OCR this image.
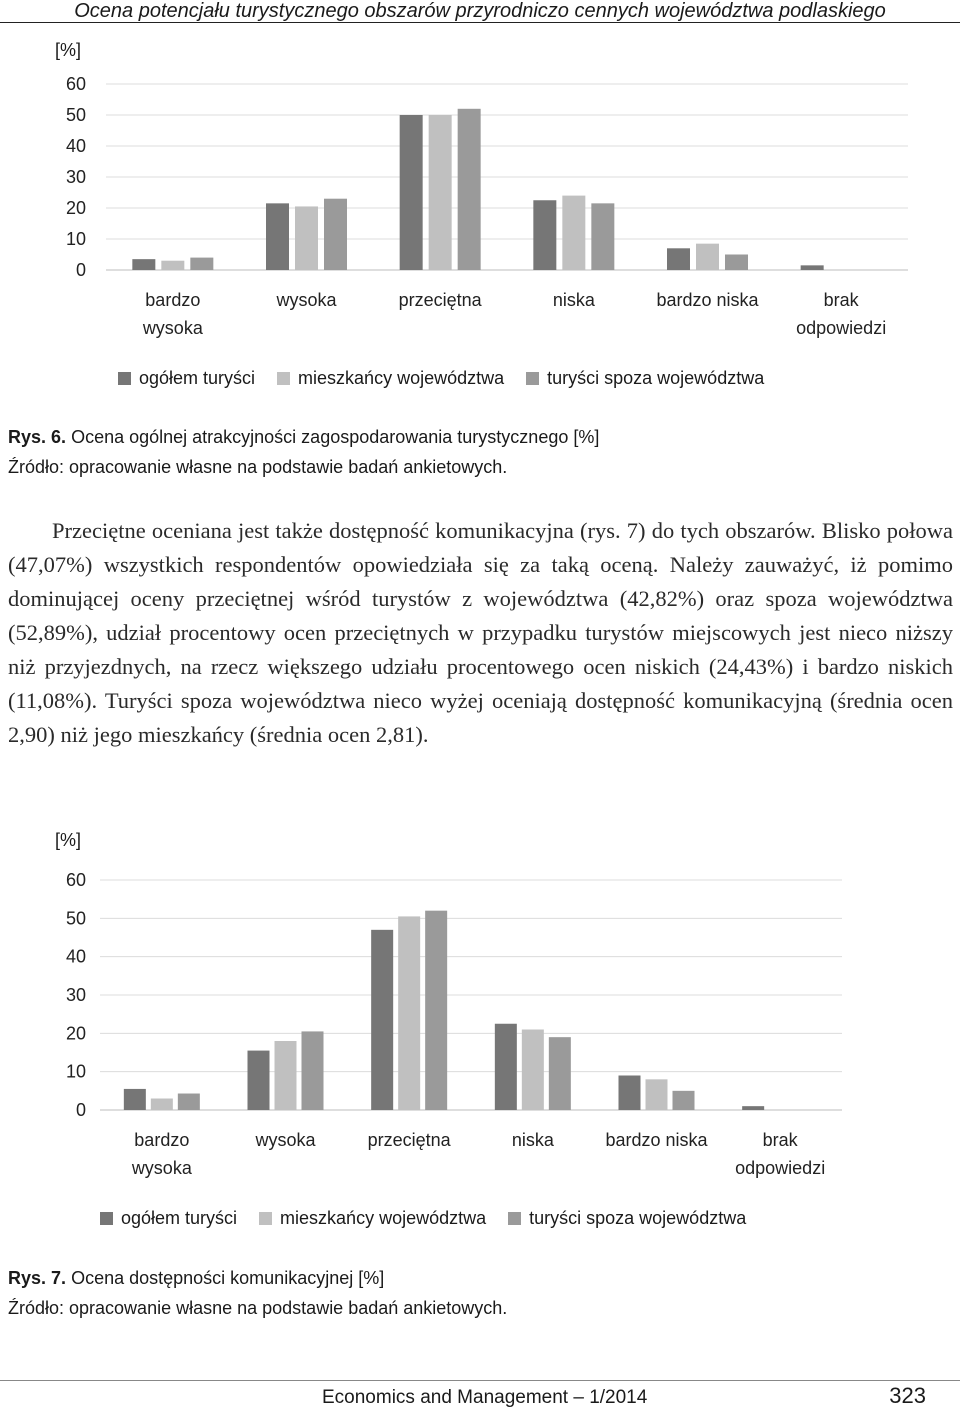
Ocena potencjału turystycznego obszarów przyrodniczo cennych województwa podlaskiego
[%]
0
10
20
30
40
50
60
bardzo
wysoka
wysoka	przeciętna	niska	bardzo niska	brak
odpowiedzi
ogółem turyści mieszkańcy województwa turyści spoza województwa
Rys. 6. Ocena ogólnej atrakcyjności zagospodarowania turystycznego [%]
Źródło: opracowanie własne na podstawie badań ankietowych.

Przeciętne oceniana jest także dostępność komunikacyjna (rys. 7) do tych obszarów. Blisko połowa (47,07%) wszystkich respondentów opowiedziała się za taką oceną. Należy zauważyć, iż pomimo dominującej oceny przeciętnej wśród turystów z województwa (42,82%) oraz spoza województwa (52,89%), udział procentowy ocen przeciętnych w przypadku turystów miejscowych jest nieco niższy niż przyjezdnych, na rzecz większego udziału procentowego ocen niskich (24,43%) i bardzo niskich (11,08%). Turyści spoza województwa nieco wyżej oceniają dostępność komunikacyjną (średnia ocen 2,90) niż jego mieszkańcy (średnia ocen 2,81).

[%]
0
10
20
30
40
50
60
bardzo
wysoka
wysoka	przeciętna	niska	bardzo niska	brak
odpowiedzi
ogółem turyści mieszkańcy województwa turyści spoza województwa
Rys. 7. Ocena dostępności komunikacyjnej [%]
Źródło: opracowanie własne na podstawie badań ankietowych.
Economics and Management – 1/2014	323
